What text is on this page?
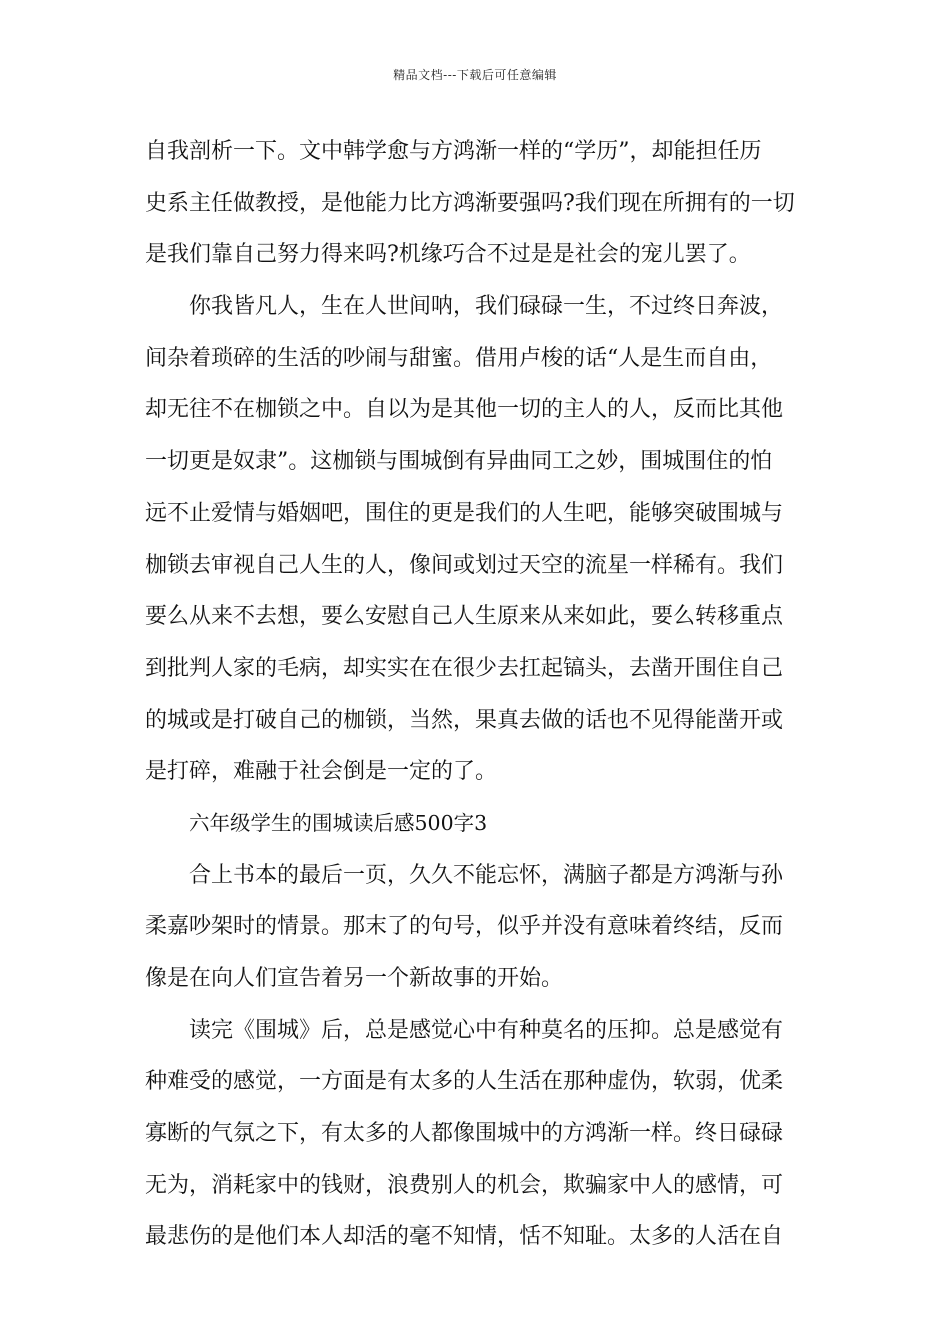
精品文档---下载后可任意编辑
自我剖析一下。文中韩学愈与方鸿渐一样的“学历”，却能担任历
史系主任做教授，是他能力比方鸿渐要强吗?我们现在所拥有的一切
是我们靠自己努力得来吗?机缘巧合不过是是社会的宠儿罢了。
你我皆凡人，生在人世间呐，我们碌碌一生，不过终日奔波，
间杂着琐碎的生活的吵闹与甜蜜。借用卢梭的话“人是生而自由，
却无往不在枷锁之中。自以为是其他一切的主人的人，反而比其他
一切更是奴隶”。这枷锁与围城倒有异曲同工之妙，围城围住的怕
远不止爱情与婚姻吧，围住的更是我们的人生吧，能够突破围城与
枷锁去审视自己人生的人，像间或划过天空的流星一样稀有。我们
要么从来不去想，要么安慰自己人生原来从来如此，要么转移重点
到批判人家的毛病，却实实在在很少去扛起镐头，去凿开围住自己
的城或是打破自己的枷锁，当然，果真去做的话也不见得能凿开或
是打碎，难融于社会倒是一定的了。
六年级学生的围城读后感500字3
合上书本的最后一页，久久不能忘怀，满脑子都是方鸿渐与孙
柔嘉吵架时的情景。那末了的句号，似乎并没有意味着终结，反而
像是在向人们宣告着另一个新故事的开始。
读完《围城》后，总是感觉心中有种莫名的压抑。总是感觉有
种难受的感觉，一方面是有太多的人生活在那种虚伪，软弱，优柔
寡断的气氛之下，有太多的人都像围城中的方鸿渐一样。终日碌碌
无为，消耗家中的钱财，浪费别人的机会，欺骗家中人的感情，可
最悲伤的是他们本人却活的毫不知情，恬不知耻。太多的人活在自
